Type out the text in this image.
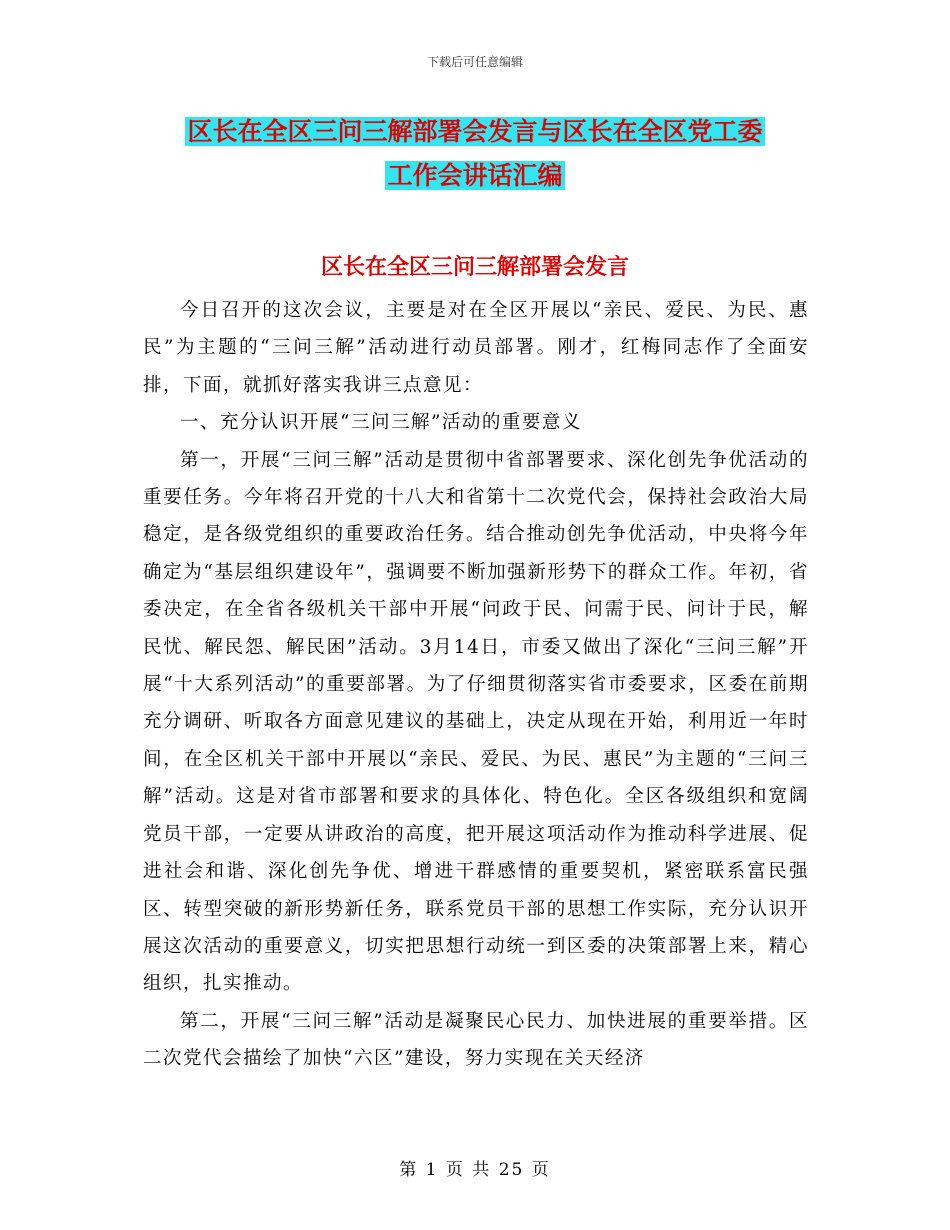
下载后可任意编辑
区长在全区三问三解部署会发言与区长在全区党工委
工作会讲话汇编
区长在全区三问三解部署会发言

今日召开的这次会议，主要是对在全区开展以“亲民、爱民、为民、惠民”为主题的“三问三解”活动进行动员部署。刚才，红梅同志作了全面安排，下面，就抓好落实我讲三点意见：

一、充分认识开展“三问三解”活动的重要意义

第一，开展“三问三解”活动是贯彻中省部署要求、深化创先争优活动的重要任务。今年将召开党的十八大和省第十二次党代会，保持社会政治大局稳定，是各级党组织的重要政治任务。结合推动创先争优活动，中央将今年确定为“基层组织建设年”，强调要不断加强新形势下的群众工作。年初，省委决定，在全省各级机关干部中开展“问政于民、问需于民、问计于民，解民忧、解民怨、解民困”活动。3月14日，市委又做出了深化“三问三解”开展“十大系列活动”的重要部署。为了仔细贯彻落实省市委要求，区委在前期充分调研、听取各方面意见建议的基础上，决定从现在开始，利用近一年时间，在全区机关干部中开展以“亲民、爱民、为民、惠民”为主题的“三问三解”活动。这是对省市部署和要求的具体化、特色化。全区各级组织和宽阔党员干部，一定要从讲政治的高度，把开展这项活动作为推动科学进展、促进社会和谐、深化创先争优、增进干群感情的重要契机，紧密联系富民强区、转型突破的新形势新任务，联系党员干部的思想工作实际，充分认识开展这次活动的重要意义，切实把思想行动统一到区委的决策部署上来，精心组织，扎实推动。

第二，开展“三问三解”活动是凝聚民心民力、加快进展的重要举措。区二次党代会描绘了加快“六区”建设，努力实现在关天经济

第 1 页 共 25 页
